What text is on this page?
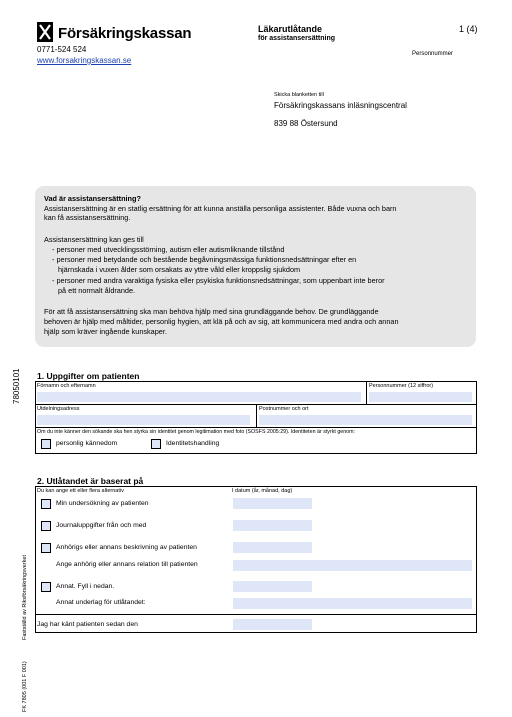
Försäkringskassan
0771-524 524
www.forsakringskassan.se
Läkarutlåtande
för assistansersättning
1 (4)
Personnummer
Skicka blanketten till
Försäkringskassans inläsningscentral
839 88 Östersund
Vad är assistansersättning?
Assistansersättning är en statlig ersättning för att kunna anställa personliga assistenter. Både vuxna och barn
kan få assistansersättning.
Assistansersättning kan ges till
- personer med utvecklingsstörning, autism eller autismliknande tillstånd
- personer med betydande och bestående begåvningsmässiga funktionsnedsättningar efter en
hjärnskada i vuxen ålder som orsakats av yttre våld eller kroppslig sjukdom
- personer med andra varaktiga fysiska eller psykiska funktionsnedsättningar, som uppenbart inte beror
på ett normalt åldrande.
För att få assistansersättning ska man behöva hjälp med sina grundläggande behov. De grundläggande
behoven är hjälp med måltider, personlig hygien, att klä på och av sig, att kommunicera med andra och annan
hjälp som kräver ingående kunskaper.
78050101
Fastställd av Riksförsäkringsverket
FK 7805 (001 F 001)
1. Uppgifter om patienten
Förnamn och efternamn	Personnummer (12 siffror)
Utdelningsadress	Postnummer och ort
Om du inte känner den sökande ska hen styrka sin identitet genom legitimation med foto (SOSFS 2005:29). Identiteten är styrkt genom:
personlig kännedom	Identitetshandling
2. Utlåtandet är baserat på
Du kan ange ett eller flera alternativ	I datum (år, månad, dag)
Min undersökning av patienten
Journaluppgifter från och med
Anhörigs eller annans beskrivning av patienten
Ange anhörig eller annans relation till patienten
Annat. Fyll i nedan.
Annat underlag för utlåtandet:
Jag har känt patienten sedan den
